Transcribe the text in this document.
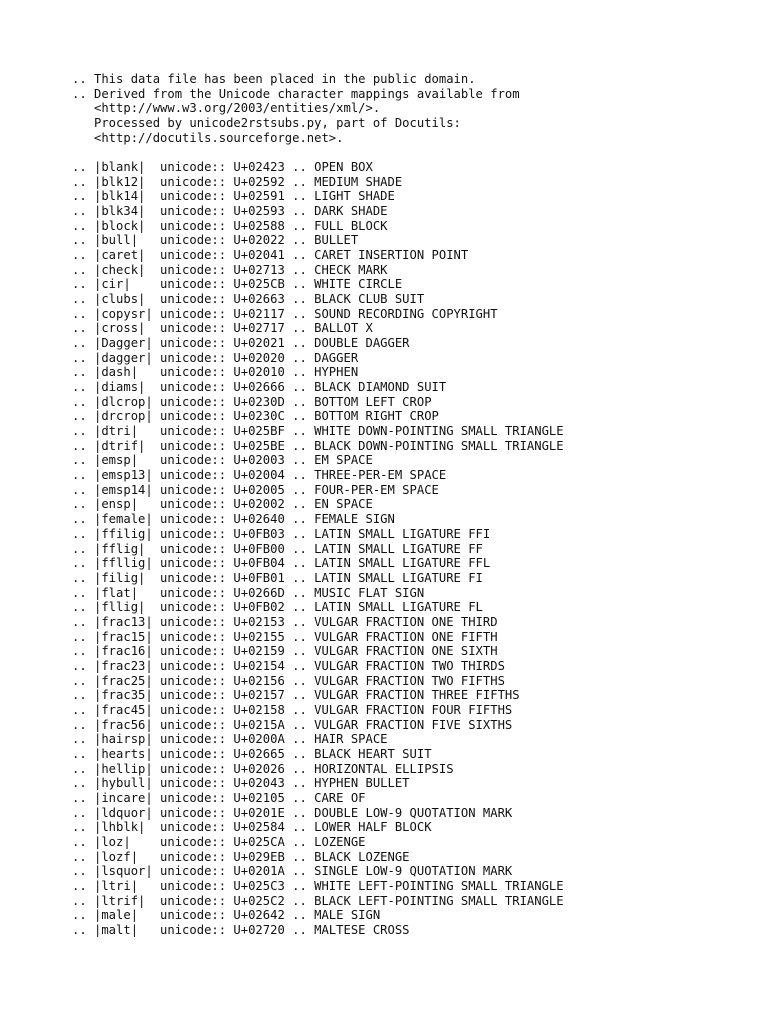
.. This data file has been placed in the public domain.
.. Derived from the Unicode character mappings available from
<http://www.w3.org/2003/entities/xml/>.
Processed by unicode2rstsubs.py, part of Docutils:
<http://docutils.sourceforge.net>.
.. |blank|  unicode:: U+02423 .. OPEN BOX
.. |blk12|  unicode:: U+02592 .. MEDIUM SHADE
.. |blk14|  unicode:: U+02591 .. LIGHT SHADE
.. |blk34|  unicode:: U+02593 .. DARK SHADE
.. |block|  unicode:: U+02588 .. FULL BLOCK
.. |bull|   unicode:: U+02022 .. BULLET
.. |caret|  unicode:: U+02041 .. CARET INSERTION POINT
.. |check|  unicode:: U+02713 .. CHECK MARK
.. |cir|    unicode:: U+025CB .. WHITE CIRCLE
.. |clubs|  unicode:: U+02663 .. BLACK CLUB SUIT
.. |copysr| unicode:: U+02117 .. SOUND RECORDING COPYRIGHT
.. |cross|  unicode:: U+02717 .. BALLOT X
.. |Dagger| unicode:: U+02021 .. DOUBLE DAGGER
.. |dagger| unicode:: U+02020 .. DAGGER
.. |dash|   unicode:: U+02010 .. HYPHEN
.. |diams|  unicode:: U+02666 .. BLACK DIAMOND SUIT
.. |dlcrop| unicode:: U+0230D .. BOTTOM LEFT CROP
.. |drcrop| unicode:: U+0230C .. BOTTOM RIGHT CROP
.. |dtri|   unicode:: U+025BF .. WHITE DOWN-POINTING SMALL TRIANGLE
.. |dtrif|  unicode:: U+025BE .. BLACK DOWN-POINTING SMALL TRIANGLE
.. |emsp|   unicode:: U+02003 .. EM SPACE
.. |emsp13| unicode:: U+02004 .. THREE-PER-EM SPACE
.. |emsp14| unicode:: U+02005 .. FOUR-PER-EM SPACE
.. |ensp|   unicode:: U+02002 .. EN SPACE
.. |female| unicode:: U+02640 .. FEMALE SIGN
.. |ffilig| unicode:: U+0FB03 .. LATIN SMALL LIGATURE FFI
.. |fflig|  unicode:: U+0FB00 .. LATIN SMALL LIGATURE FF
.. |ffllig| unicode:: U+0FB04 .. LATIN SMALL LIGATURE FFL
.. |filig|  unicode:: U+0FB01 .. LATIN SMALL LIGATURE FI
.. |flat|   unicode:: U+0266D .. MUSIC FLAT SIGN
.. |fllig|  unicode:: U+0FB02 .. LATIN SMALL LIGATURE FL
.. |frac13| unicode:: U+02153 .. VULGAR FRACTION ONE THIRD
.. |frac15| unicode:: U+02155 .. VULGAR FRACTION ONE FIFTH
.. |frac16| unicode:: U+02159 .. VULGAR FRACTION ONE SIXTH
.. |frac23| unicode:: U+02154 .. VULGAR FRACTION TWO THIRDS
.. |frac25| unicode:: U+02156 .. VULGAR FRACTION TWO FIFTHS
.. |frac35| unicode:: U+02157 .. VULGAR FRACTION THREE FIFTHS
.. |frac45| unicode:: U+02158 .. VULGAR FRACTION FOUR FIFTHS
.. |frac56| unicode:: U+0215A .. VULGAR FRACTION FIVE SIXTHS
.. |hairsp| unicode:: U+0200A .. HAIR SPACE
.. |hearts| unicode:: U+02665 .. BLACK HEART SUIT
.. |hellip| unicode:: U+02026 .. HORIZONTAL ELLIPSIS
.. |hybull| unicode:: U+02043 .. HYPHEN BULLET
.. |incare| unicode:: U+02105 .. CARE OF
.. |ldquor| unicode:: U+0201E .. DOUBLE LOW-9 QUOTATION MARK
.. |lhblk|  unicode:: U+02584 .. LOWER HALF BLOCK
.. |loz|    unicode:: U+025CA .. LOZENGE
.. |lozf|   unicode:: U+029EB .. BLACK LOZENGE
.. |lsquor| unicode:: U+0201A .. SINGLE LOW-9 QUOTATION MARK
.. |ltri|   unicode:: U+025C3 .. WHITE LEFT-POINTING SMALL TRIANGLE
.. |ltrif|  unicode:: U+025C2 .. BLACK LEFT-POINTING SMALL TRIANGLE
.. |male|   unicode:: U+02642 .. MALE SIGN
.. |malt|   unicode:: U+02720 .. MALTESE CROSS
